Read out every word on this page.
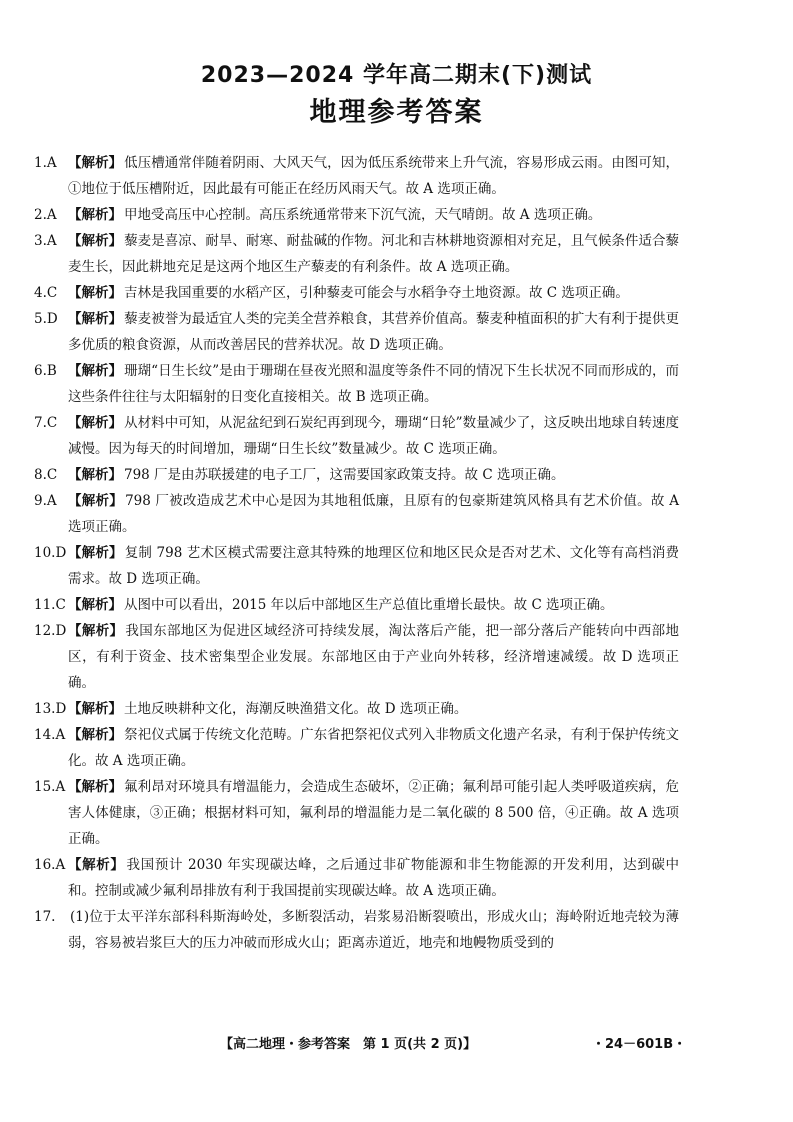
2023—2024 学年高二期末(下)测试
地理参考答案
1.A 【解析】 低压槽通常伴随着阴雨、大风天气，因为低压系统带来上升气流，容易形成云雨。由图可知，①地位于低压槽附近，因此最有可能正在经历风雨天气。故 A 选项正确。
2.A 【解析】 甲地受高压中心控制。高压系统通常带来下沉气流，天气晴朗。故 A 选项正确。
3.A 【解析】 藜麦是喜凉、耐旱、耐寒、耐盐碱的作物。河北和吉林耕地资源相对充足，且气候条件适合藜麦生长，因此耕地充足是这两个地区生产藜麦的有利条件。故 A 选项正确。
4.C 【解析】 吉林是我国重要的水稻产区，引种藜麦可能会与水稻争夺土地资源。故 C 选项正确。
5.D 【解析】 藜麦被誉为最适宜人类的完美全营养粮食，其营养价值高。藜麦种植面积的扩大有利于提供更多优质的粮食资源，从而改善居民的营养状况。故 D 选项正确。
6.B 【解析】 珊瑚“日生长纹”是由于珊瑚在昼夜光照和温度等条件不同的情况下生长状况不同而形成的，而这些条件往往与太阳辐射的日变化直接相关。故 B 选项正确。
7.C 【解析】 从材料中可知，从泥盆纪到石炭纪再到现今，珊瑚“日轮”数量减少了，这反映出地球自转速度减慢。因为每天的时间增加，珊瑚“日生长纹”数量减少。故 C 选项正确。
8.C 【解析】 798 厂是由苏联援建的电子工厂，这需要国家政策支持。故 C 选项正确。
9.A 【解析】 798 厂被改造成艺术中心是因为其地租低廉，且原有的包豪斯建筑风格具有艺术价值。故 A 选项正确。
10.D 【解析】 复制 798 艺术区模式需要注意其特殊的地理区位和地区民众是否对艺术、文化等有高档消费需求。故 D 选项正确。
11.C 【解析】 从图中可以看出，2015 年以后中部地区生产总值比重增长最快。故 C 选项正确。
12.D 【解析】 我国东部地区为促进区域经济可持续发展，淘汰落后产能，把一部分落后产能转向中西部地区，有利于资金、技术密集型企业发展。东部地区由于产业向外转移，经济增速减缓。故 D 选项正确。
13.D 【解析】 土地反映耕种文化，海潮反映渔猎文化。故 D 选项正确。
14.A 【解析】 祭祀仪式属于传统文化范畴。广东省把祭祀仪式列入非物质文化遗产名录，有利于保护传统文化。故 A 选项正确。
15.A 【解析】 氟利昂对环境具有增温能力，会造成生态破坏，②正确；氟利昂可能引起人类呼吸道疾病，危害人体健康，③正确；根据材料可知，氟利昂的增温能力是二氧化碳的 8 500 倍，④正确。故 A 选项正确。
16.A 【解析】 我国预计 2030 年实现碳达峰，之后通过非矿物能源和非生物能源的开发利用，达到碳中和。控制或减少氟利昂排放有利于我国提前实现碳达峰。故 A 选项正确。
17. (1)位于太平洋东部科科斯海岭处，多断裂活动，岩浆易沿断裂喷出，形成火山；海岭附近地壳较为薄弱，容易被岩浆巨大的压力冲破而形成火山；距离赤道近，地壳和地幔物质受到的
【高二地理・参考答案　第 1 页(共 2 页)】	・24－601B・
